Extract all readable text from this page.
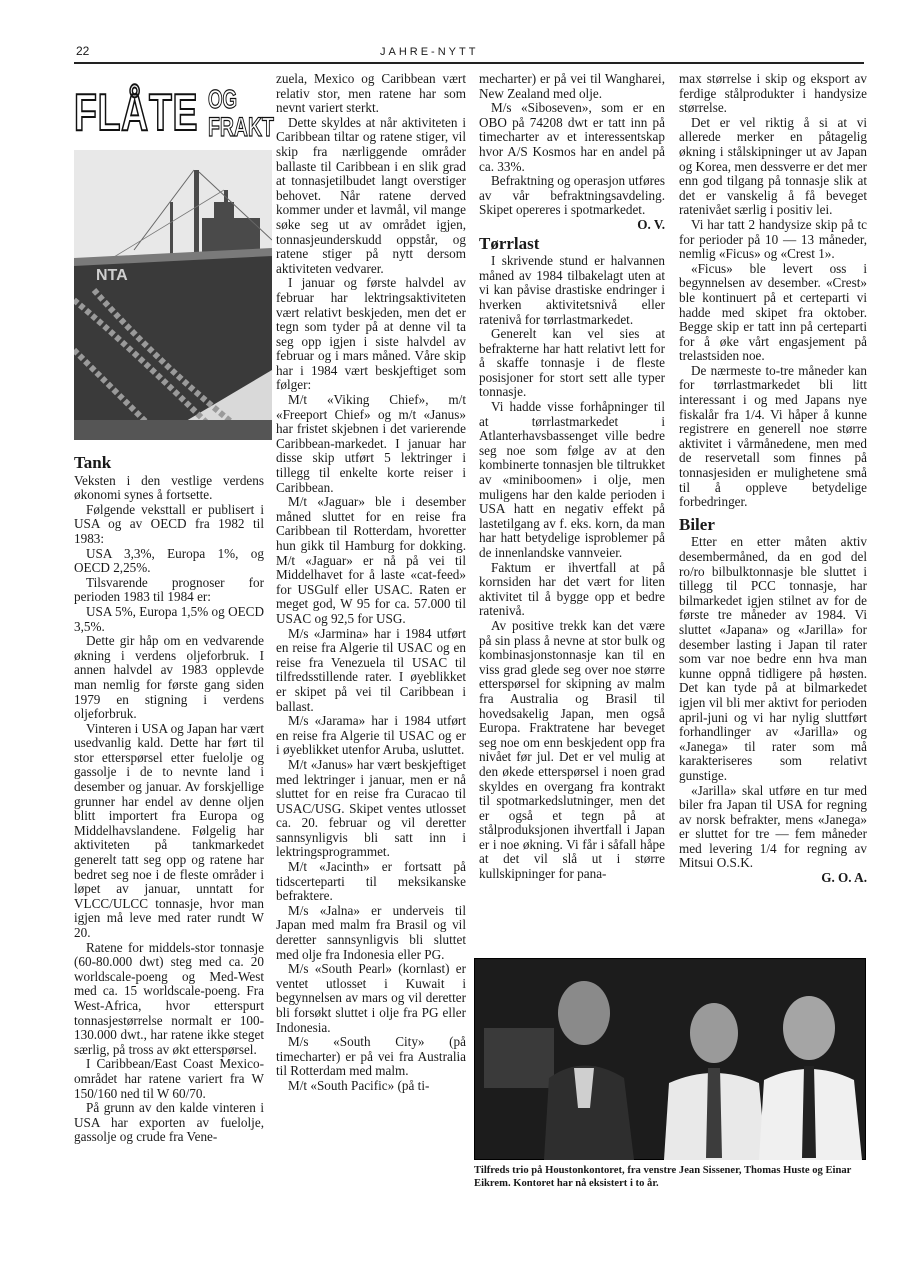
22	JAHRE-NYTT
FLÅTE OG
FRAKT
NTA
Tank

Veksten i den vestlige verdens økonomi synes å fortsette.

Følgende veksttall er publisert i USA og av OECD fra 1982 til 1983:

USA 3,3%, Europa 1%, og OECD 2,25%.

Tilsvarende prognoser for perioden 1983 til 1984 er:

USA 5%, Europa 1,5% og OECD 3,5%.

Dette gir håp om en vedvarende økning i verdens oljeforbruk. I annen halvdel av 1983 opplevde man nemlig for første gang siden 1979 en stigning i verdens oljeforbruk.

Vinteren i USA og Japan har vært usedvanlig kald. Dette har ført til stor etterspørsel etter fuelolje og gassolje i de to nevnte land i desember og januar. Av forskjellige grunner har endel av denne oljen blitt importert fra Europa og Middelhavslandene. Følgelig har aktiviteten på tankmarkedet generelt tatt seg opp og ratene har bedret seg noe i de fleste områder i løpet av januar, unntatt for VLCC/ULCC tonnasje, hvor man igjen må leve med rater rundt W 20.

Ratene for middels-stor tonnasje (60-80.000 dwt) steg med ca. 20 worldscale-poeng og Med-West med ca. 15 worldscale-poeng. Fra West-Africa, hvor etterspurt tonnasjestørrelse normalt er 100-130.000 dwt., har ratene ikke steget særlig, på tross av økt etterspørsel.

I Caribbean/East Coast Mexico-området har ratene variert fra W 150/160 ned til W 60/70.

På grunn av den kalde vinteren i USA har exporten av fuelolje, gassolje og crude fra Vene-

zuela, Mexico og Caribbean vært relativ stor, men ratene har som nevnt variert sterkt.

Dette skyldes at når aktiviteten i Caribbean tiltar og ratene stiger, vil skip fra nærliggende områder ballaste til Caribbean i en slik grad at tonnasjetilbudet langt overstiger behovet. Når ratene derved kommer under et lavmål, vil mange søke seg ut av området igjen, tonnasjeunderskudd oppstår, og ratene stiger på nytt dersom aktiviteten vedvarer.

I januar og første halvdel av februar har lektringsaktiviteten vært relativt beskjeden, men det er tegn som tyder på at denne vil ta seg opp igjen i siste halvdel av februar og i mars måned. Våre skip har i 1984 vært beskjeftiget som følger:

M/t «Viking Chief», m/t «Freeport Chief» og m/t «Janus» har fristet skjebnen i det varierende Caribbean-markedet. I januar har disse skip utført 5 lektringer i tillegg til enkelte korte reiser i Caribbean.

M/t «Jaguar» ble i desember måned sluttet for en reise fra Caribbean til Rotterdam, hvoretter hun gikk til Hamburg for dokking. M/t «Jaguar» er nå på vei til Middelhavet for å laste «cat-feed» for USGulf eller USAC. Raten er meget god, W 95 for ca. 57.000 til USAC og 92,5 for USG.

M/s «Jarmina» har i 1984 utført en reise fra Algerie til USAC og en reise fra Venezuela til USAC til tilfredsstillende rater. I øyeblikket er skipet på vei til Caribbean i ballast.

M/s «Jarama» har i 1984 utført en reise fra Algerie til USAC og er i øyeblikket utenfor Aruba, usluttet.

M/t «Janus» har vært beskjeftiget med lektringer i januar, men er nå sluttet for en reise fra Curacao til USAC/USG. Skipet ventes utlosset ca. 20. februar og vil deretter sannsynligvis bli satt inn i lektringsprogrammet.

M/t «Jacinth» er fortsatt på tidscerteparti til meksikanske befraktere.

M/s «Jalna» er underveis til Japan med malm fra Brasil og vil deretter sannsynligvis bli sluttet med olje fra Indonesia eller PG.

M/s «South Pearl» (kornlast) er ventet utlosset i Kuwait i begynnelsen av mars og vil deretter bli forsøkt sluttet i olje fra PG eller Indonesia.

M/s «South City» (på timecharter) er på vei fra Australia til Rotterdam med malm.

M/t «South Pacific» (på ti-

mecharter) er på vei til Wangharei, New Zealand med olje.

M/s «Siboseven», som er en OBO på 74208 dwt er tatt inn på timecharter av et interessentskap hvor A/S Kosmos har en andel på ca. 33%.

Befraktning og operasjon utføres av vår befraktningsavdeling. Skipet opereres i spotmarkedet.

O. V.

Tørrlast

I skrivende stund er halvannen måned av 1984 tilbakelagt uten at vi kan påvise drastiske endringer i hverken aktivitetsnivå eller ratenivå for tørrlastmarkedet.

Generelt kan vel sies at befrakterne har hatt relativt lett for å skaffe tonnasje i de fleste posisjoner for stort sett alle typer tonnasje.

Vi hadde visse forhåpninger til at tørrlastmarkedet i Atlanterhavsbassenget ville bedre seg noe som følge av at den kombinerte tonnasjen ble tiltrukket av «miniboomen» i olje, men muligens har den kalde perioden i USA hatt en negativ effekt på lastetilgang av f. eks. korn, da man har hatt betydelige isproblemer på de innenlandske vannveier.

Faktum er ihvertfall at på kornsiden har det vært for liten aktivitet til å bygge opp et bedre ratenivå.

Av positive trekk kan det være på sin plass å nevne at stor bulk og kombinasjonstonnasje kan til en viss grad glede seg over noe større etterspørsel for skipning av malm fra Australia og Brasil til hovedsakelig Japan, men også Europa. Fraktratene har beveget seg noe om enn beskjedent opp fra nivået før jul. Det er vel mulig at den økede etterspørsel i noen grad skyldes en overgang fra kontrakt til spotmarkedslutninger, men det er også et tegn på at stålproduksjonen ihvertfall i Japan er i noe økning. Vi får i såfall håpe at det vil slå ut i større kullskipninger for pana-

max størrelse i skip og eksport av ferdige stålprodukter i handysize størrelse.

Det er vel riktig å si at vi allerede merker en påtagelig økning i stålskipninger ut av Japan og Korea, men dessverre er det mer enn god tilgang på tonnasje slik at det er vanskelig å få beveget ratenivået særlig i positiv lei.

Vi har tatt 2 handysize skip på tc for perioder på 10 — 13 måneder, nemlig «Ficus» og «Crest 1».

«Ficus» ble levert oss i begynnelsen av desember. «Crest» ble kontinuert på et certeparti vi hadde med skipet fra oktober. Begge skip er tatt inn på certeparti for å øke vårt engasjement på trelastsiden noe.

De nærmeste to-tre måneder kan for tørrlastmarkedet bli litt interessant i og med Japans nye fiskalår fra 1/4. Vi håper å kunne registrere en generell noe større aktivitet i vårmånedene, men med de reservetall som finnes på tonnasjesiden er mulighetene små til å oppleve betydelige forbedringer.

Biler

Etter en etter måten aktiv desembermåned, da en god del ro/ro bilbulktonnasje ble sluttet i tillegg til PCC tonnasje, har bilmarkedet igjen stilnet av for de første tre måneder av 1984. Vi sluttet «Japana» og «Jarilla» for desember lasting i Japan til rater som var noe bedre enn hva man kunne oppnå tidligere på høsten. Det kan tyde på at bilmarkedet igjen vil bli mer aktivt for perioden april-juni og vi har nylig sluttført forhandlinger av «Jarilla» og «Janega» til rater som må karakteriseres som relativt gunstige.

«Jarilla» skal utføre en tur med biler fra Japan til USA for regning av norsk befrakter, mens «Janega» er sluttet for tre — fem måneder med levering 1/4 for regning av Mitsui O.S.K.

G. O. A.

Tilfreds trio på Houstonkontoret, fra venstre Jean Sissener, Thomas Huste og Einar Eikrem. Kontoret har nå eksistert i to år.
